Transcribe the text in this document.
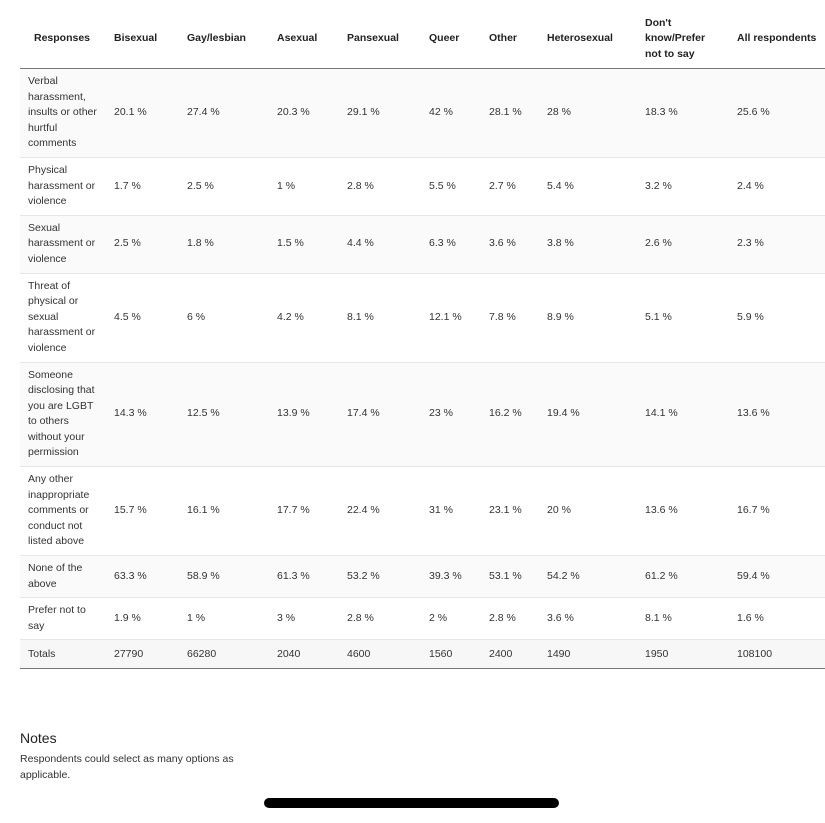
Responses	Bisexual	Gay/lesbian	Asexual	Pansexual	Queer	Other	Heterosexual	Don't know/Prefer not to say	All respondents
Verbal harassment, insults or other hurtful comments	20.1 %	27.4 %	20.3 %	29.1 %	42 %	28.1 %	28 %	18.3 %	25.6 %
Physical harassment or violence	1.7 %	2.5 %	1 %	2.8 %	5.5 %	2.7 %	5.4 %	3.2 %	2.4 %
Sexual harassment or violence	2.5 %	1.8 %	1.5 %	4.4 %	6.3 %	3.6 %	3.8 %	2.6 %	2.3 %
Threat of physical or sexual harassment or violence	4.5 %	6 %	4.2 %	8.1 %	12.1 %	7.8 %	8.9 %	5.1 %	5.9 %
Someone disclosing that you are LGBT to others without your permission	14.3 %	12.5 %	13.9 %	17.4 %	23 %	16.2 %	19.4 %	14.1 %	13.6 %
Any other inappropriate comments or conduct not listed above	15.7 %	16.1 %	17.7 %	22.4 %	31 %	23.1 %	20 %	13.6 %	16.7 %
None of the above	63.3 %	58.9 %	61.3 %	53.2 %	39.3 %	53.1 %	54.2 %	61.2 %	59.4 %
Prefer not to say	1.9 %	1 %	3 %	2.8 %	2 %	2.8 %	3.6 %	8.1 %	1.6 %
Totals	27790	66280	2040	4600	1560	2400	1490	1950	108100
Notes

Respondents could select as many options as applicable.
